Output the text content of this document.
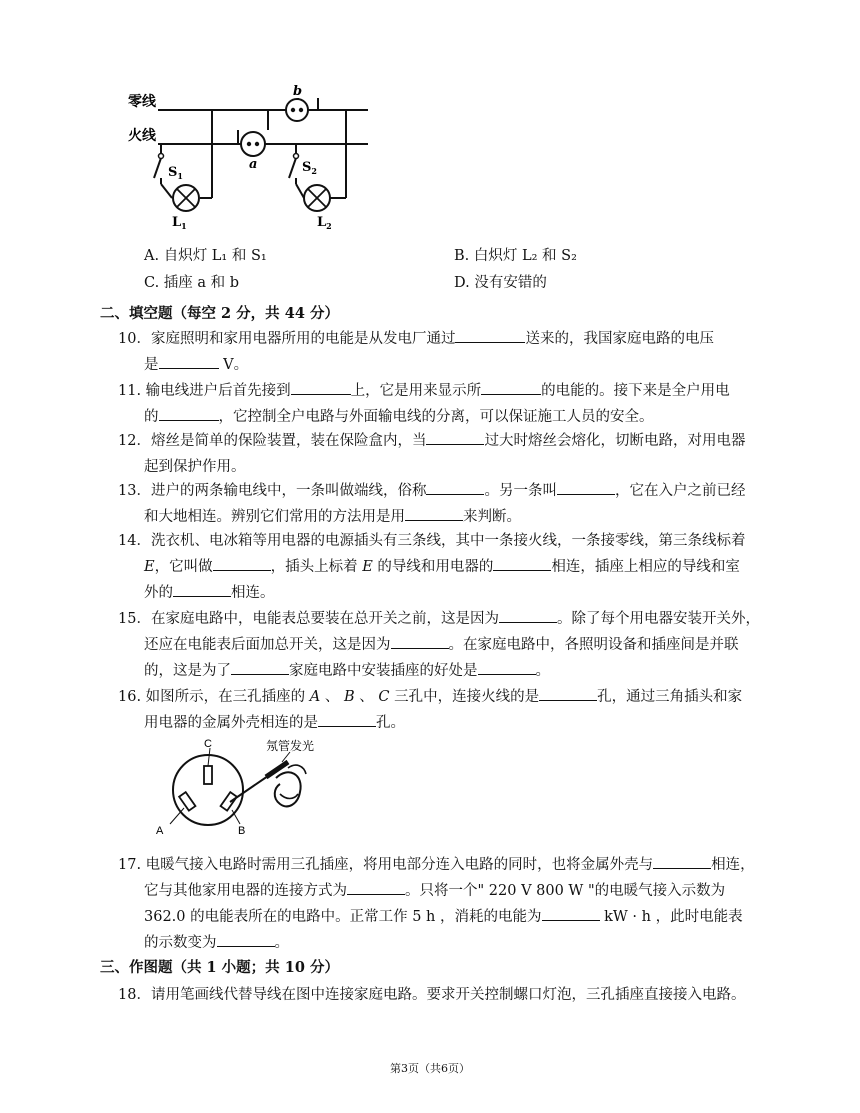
零线
火线
b
a
$S_1$
$S_2$
$L_1$	$L_2$
A. 自炽灯 L₁ 和 S₁	B. 白炽灯 L₂ 和 S₂
C. 插座 a 和 b	D. 没有安错的
二、填空题（每空 2 分，共 44 分）
10．家庭照明和家用电器所用的电能是从发电厂通过	送来的，我国家庭电路的电压
是	V。
11. 输电线进户后首先接到	上，它是用来显示所	的电能的。接下来是全户用电
的	，它控制全户电路与外面输电线的分离，可以保证施工人员的安全。
12．熔丝是简单的保险装置，装在保险盒内，当	过大时熔丝会熔化，切断电路，对用电器
起到保护作用。
13．进户的两条输电线中，一条叫做端线，俗称	。另一条叫	，它在入户之前已经
和大地相连。辨别它们常用的方法用是用	来判断。
14．洗衣机、电冰箱等用电器的电源插头有三条线，其中一条接火线，一条接零线，第三条线标着
E，它叫做	，插头上标着 E 的导线和用电器的	相连，插座上相应的导线和室
外的	相连。
15．在家庭电路中，电能表总要装在总开关之前，这是因为	。除了每个用电器安装开关外，
还应在电能表后面加总开关，这是因为	。在家庭电路中，各照明设备和插座间是并联
的，这是为了	家庭电路中安装插座的好处是	。
16. 如图所示，在三孔插座的 A 、 B 、 C 三孔中，连接火线的是	孔，通过三角插头和家
用电器的金属外壳相连的是	孔。
C
A	B
氖管发光
17. 电暖气接入电路时需用三孔插座，将用电部分连入电路的同时，也将金属外壳与	相连，
它与其他家用电器的连接方式为	。只将一个" 220 V 800 W "的电暖气接入示数为
362.0 的电能表所在的电路中。正常工作 5 h ，消耗的电能为	kW · h ，此时电能表
的示数变为	。
三、作图题（共 1 小题；共 10 分）
18．请用笔画线代替导线在图中连接家庭电路。要求开关控制螺口灯泡，三孔插座直接接入电路。
第3页（共6页）
